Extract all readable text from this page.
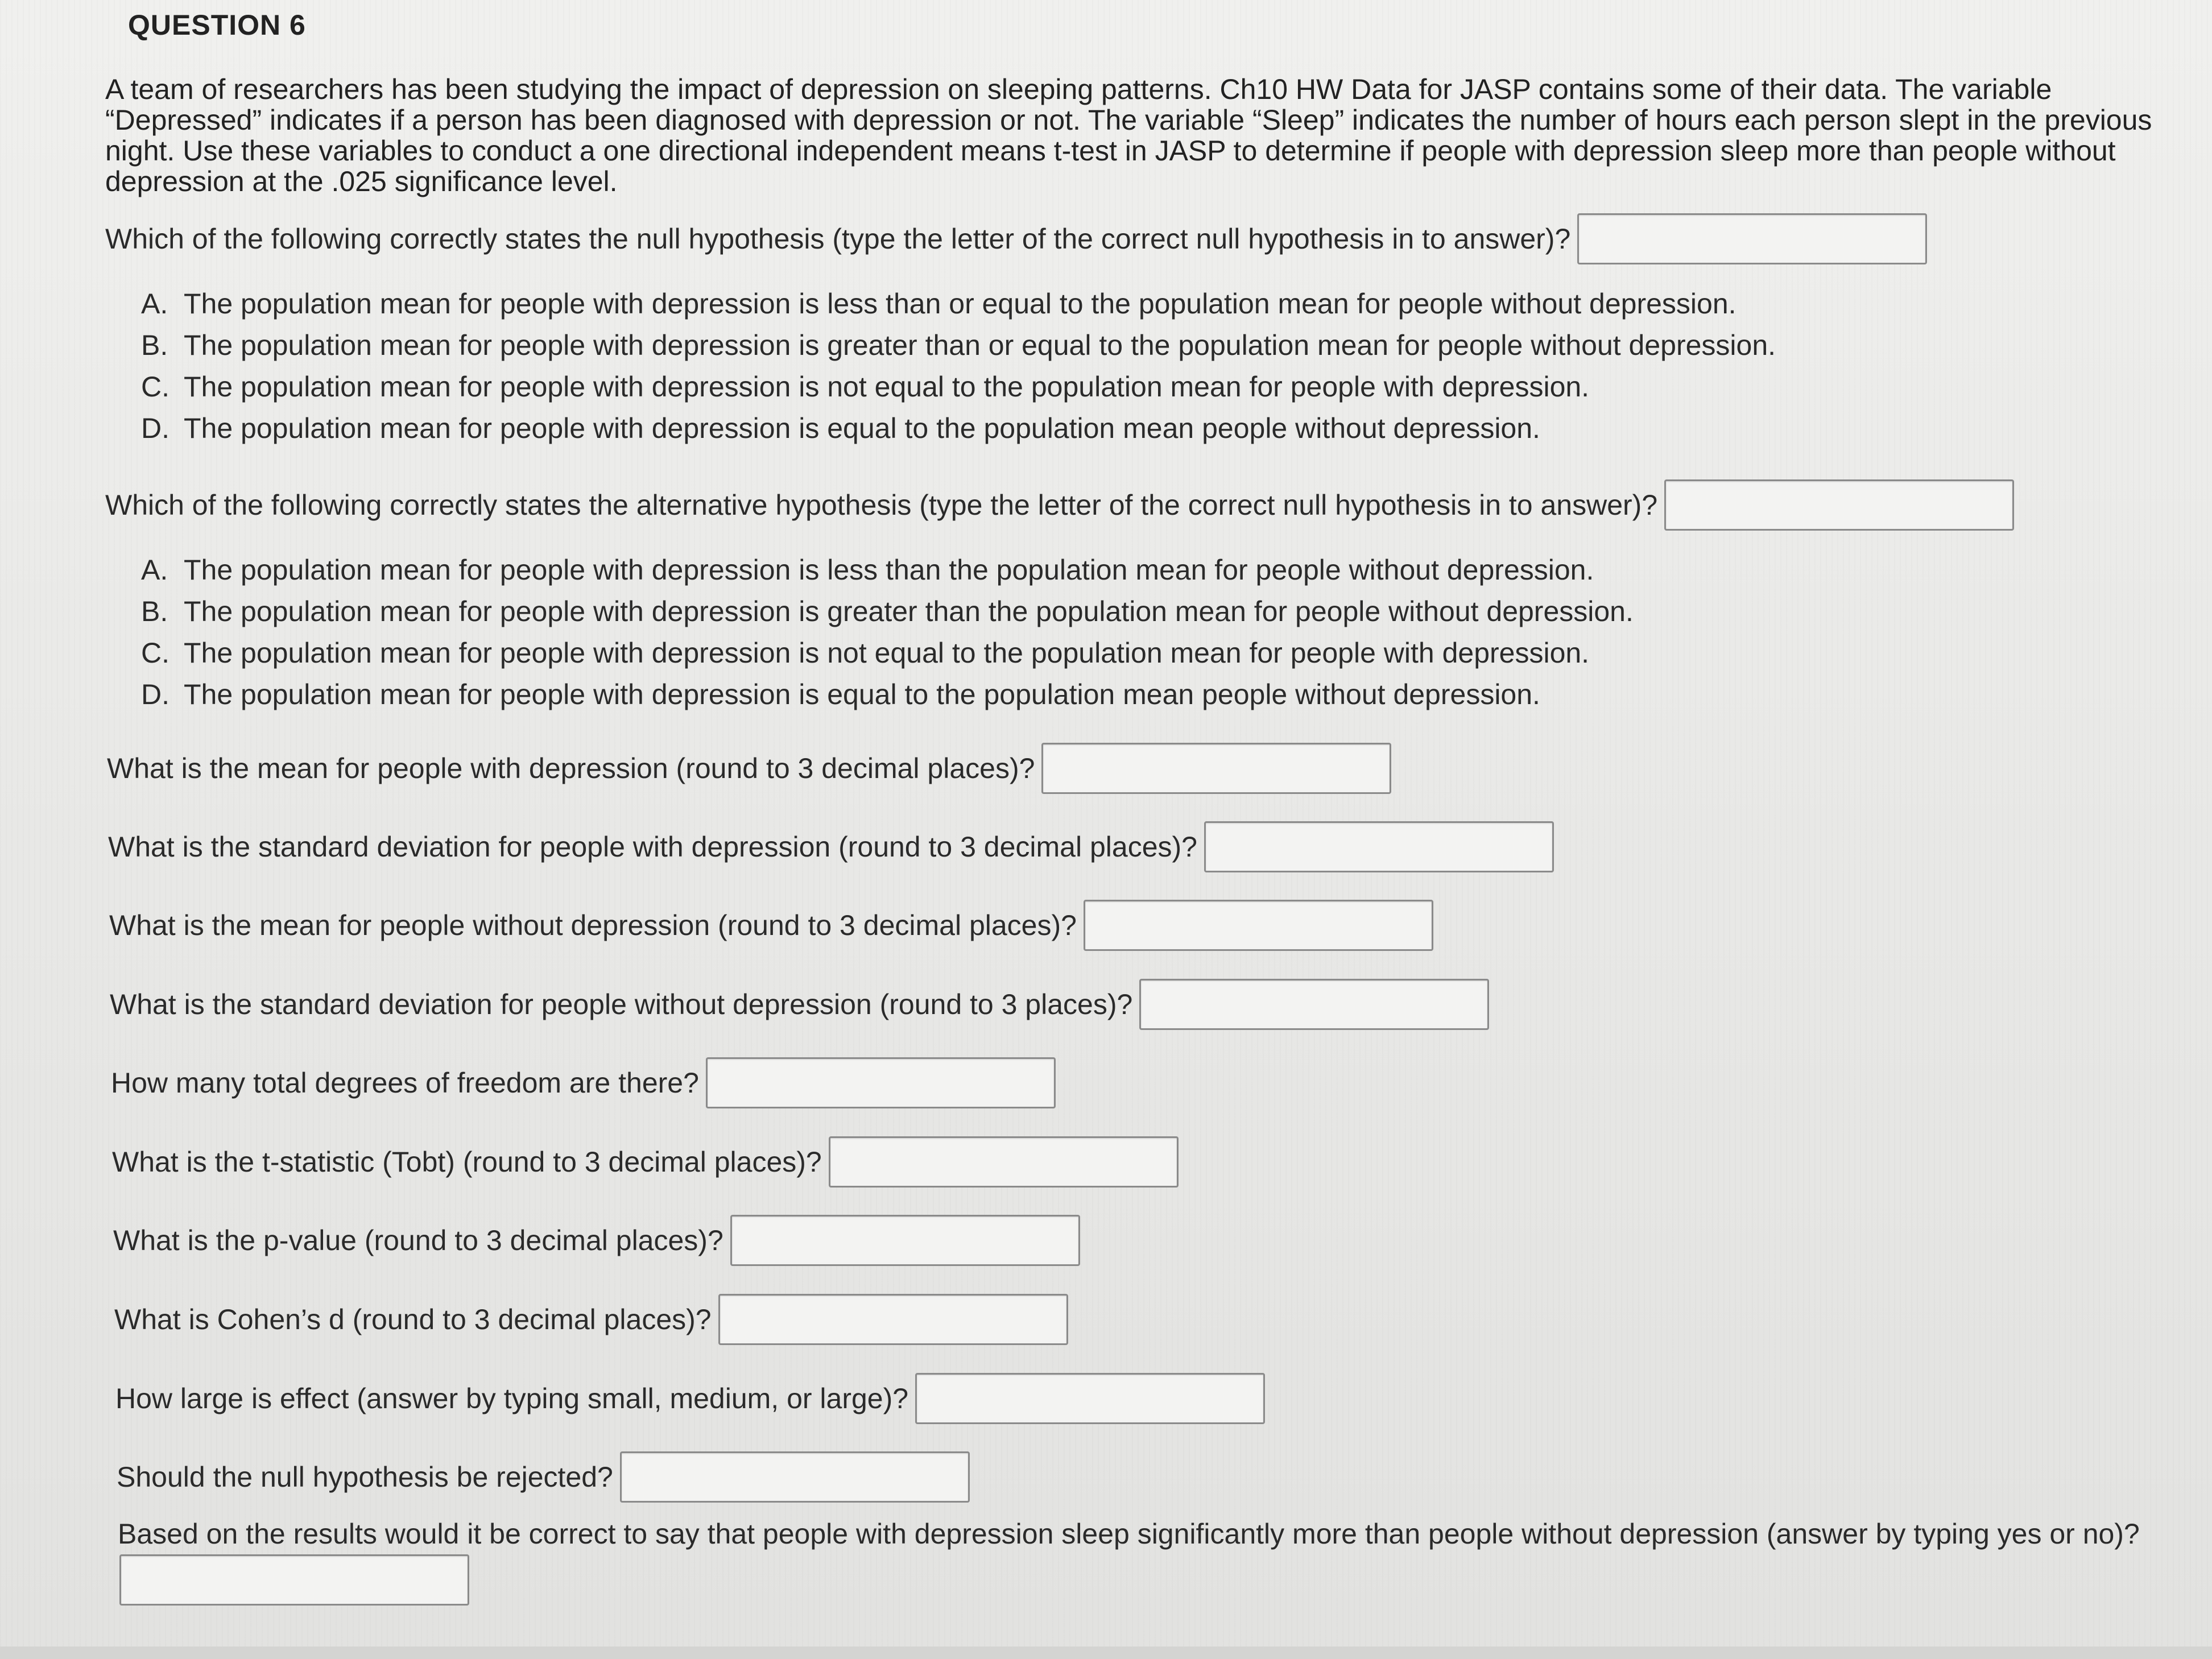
QUESTION 6
A team of researchers has been studying the impact of depression on sleeping patterns. Ch10 HW Data for JASP contains some of their data. The variable “Depressed” indicates if a person has been diagnosed with depression or not. The variable “Sleep” indicates the number of hours each person slept in the previous night. Use these variables to conduct a one directional independent means t-test in JASP to determine if people with depression sleep more than people without depression at the .025 significance level.
Which of the following correctly states the null hypothesis (type the letter of the correct null hypothesis in to answer)?
A. The population mean for people with depression is less than or equal to the population mean for people without depression.
B. The population mean for people with depression is greater than or equal to the population mean for people without depression.
C. The population mean for people with depression is not equal to the population mean for people with depression.
D. The population mean for people with depression is equal to the population mean people without depression.
Which of the following correctly states the alternative hypothesis (type the letter of the correct null hypothesis in to answer)?
A. The population mean for people with depression is less than the population mean for people without depression.
B. The population mean for people with depression is greater than the population mean for people without depression.
C. The population mean for people with depression is not equal to the population mean for people with depression.
D. The population mean for people with depression is equal to the population mean people without depression.
What is the mean for people with depression (round to 3 decimal places)?
What is the standard deviation for people with depression (round to 3 decimal places)?
What is the mean for people without depression (round to 3 decimal places)?
What is the standard deviation for people without depression (round to 3 places)?
How many total degrees of freedom are there?
What is the t-statistic (Tobt) (round to 3 decimal places)?
What is the p-value (round to 3 decimal places)?
What is Cohen’s d (round to 3 decimal places)?
How large is effect (answer by typing small, medium, or large)?
Should the null hypothesis be rejected?
Based on the results would it be correct to say that people with depression sleep significantly more than people without depression (answer by typing yes or no)?
